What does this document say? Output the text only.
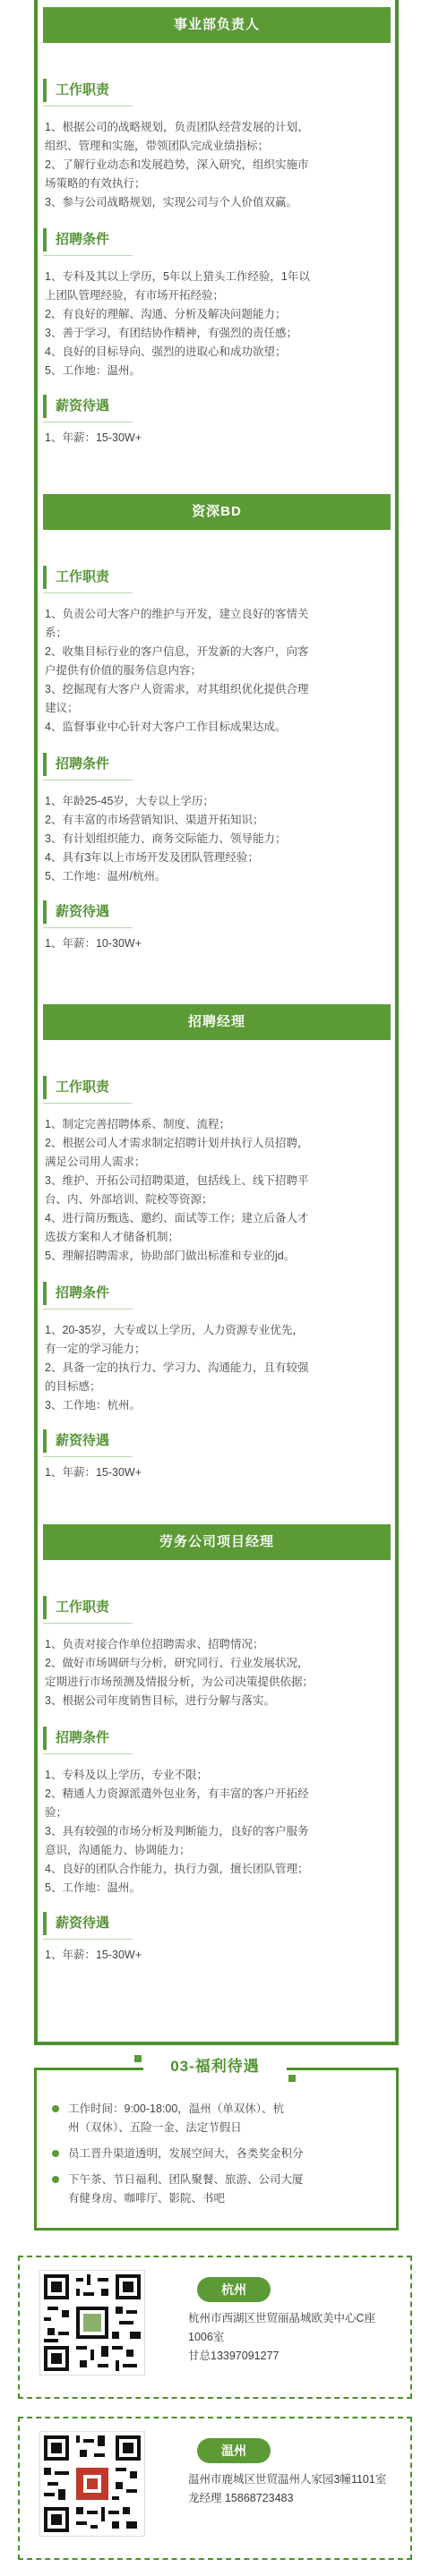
事业部负责人
工作职责
1、根据公司的战略规划，负责团队经营发展的计划、
组织、管理和实施，带领团队完成业绩指标；
2、了解行业动态和发展趋势，深入研究，组织实施市
场策略的有效执行；
3、参与公司战略规划，实现公司与个人价值双赢。
招聘条件
1、专科及其以上学历，5年以上猎头工作经验，1年以
上团队管理经验，有市场开拓经验；
2、有良好的理解、沟通、分析及解决问题能力；
3、善于学习，有团结协作精神，有强烈的责任感；
4、良好的目标导向、强烈的进取心和成功欲望；
5、工作地：温州。
薪资待遇
1、年薪：15-30W+
资深BD
工作职责
1、负责公司大客户的维护与开发，建立良好的客情关
系；
2、收集目标行业的客户信息，开发新的大客户，向客
户提供有价值的服务信息内容；
3、挖掘现有大客户人资需求，对其组织优化提供合理
建议；
4、监督事业中心针对大客户工作目标成果达成。
招聘条件
1、年龄25-45岁，大专以上学历；
2、有丰富的市场营销知识、渠道开拓知识；
3、有计划组织能力、商务交际能力、领导能力；
4、具有3年以上市场开发及团队管理经验；
5、工作地：温州/杭州。
薪资待遇
1、年薪：10-30W+
招聘经理
工作职责
1、制定完善招聘体系、制度、流程；
2、根据公司人才需求制定招聘计划并执行人员招聘，
满足公司用人需求；
3、维护、开拓公司招聘渠道，包括线上、线下招聘平
台、内、外部培训、院校等资源；
4、进行简历甄选、邀约、面试等工作；建立后备人才
选拔方案和人才储备机制；
5、理解招聘需求，协助部门做出标准和专业的jd。
招聘条件
1、20-35岁，大专或以上学历，人力资源专业优先，
有一定的学习能力；
2、具备一定的执行力、学习力、沟通能力，且有较强
的目标感；
3、工作地：杭州。
薪资待遇
1、年薪：15-30W+
劳务公司项目经理
工作职责
1、负责对接合作单位招聘需求、招聘情况；
2、做好市场调研与分析，研究同行、行业发展状况，
定期进行市场预测及情报分析，为公司决策提供依据；
3、根据公司年度销售目标，进行分解与落实。
招聘条件
1、专科及以上学历，专业不限；
2、精通人力资源派遣外包业务，有丰富的客户开拓经
验；
3、具有较强的市场分析及判断能力，良好的客户服务
意识，沟通能力、协调能力；
4、良好的团队合作能力，执行力强，擅长团队管理；
5、工作地：温州。
薪资待遇
1、年薪：15-30W+
03-福利待遇
工作时间：9:00-18:00，温州（单双休）、杭
州（双休）、五险一金、法定节假日
员工晋升渠道透明，发展空间大，各类奖金积分
下午茶、节日福利、团队聚餐、旅游、公司大厦
有健身房、咖啡厅、影院、书吧
杭州
杭州市西湖区世贸丽晶城欧美中心C座
1006室
甘总13397091277
温州
温州市鹿城区世贸温州人家园3幢1101室
龙经理 15868723483
